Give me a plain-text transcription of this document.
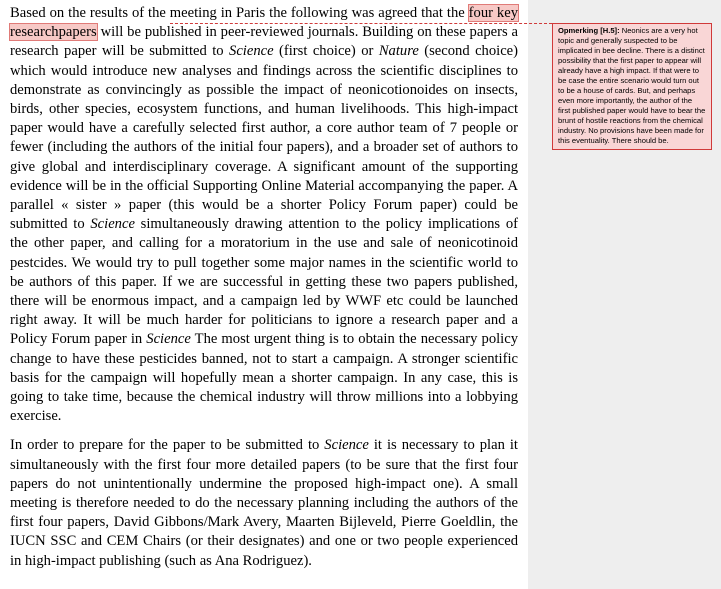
Based on the results of the meeting in Paris the following was agreed that the four key researchpapers will be published in peer-reviewed journals. Building on these papers a research paper will be submitted to Science (first choice) or Nature (second choice) which would introduce new analyses and findings across the scientific disciplines to demonstrate as convincingly as possible the impact of neonicotionoides on insects, birds, other species, ecosystem functions, and human livelihoods. This high-impact paper would have a carefully selected first author, a core author team of 7 people or fewer (including the authors of the initial four papers), and a broader set of authors to give global and interdisciplinary coverage. A significant amount of the supporting evidence will be in the official Supporting Online Material accompanying the paper. A parallel « sister » paper (this would be a shorter Policy Forum paper) could be submitted to Science simultaneously drawing attention to the policy implications of the other paper, and calling for a moratorium in the use and sale of neonicotinoid pestcides. We would try to pull together some major names in the scientific world to be authors of this paper. If we are successful in getting these two papers published, there will be enormous impact, and a campaign led by WWF etc could be launched right away. It will be much harder for politicians to ignore a research paper and a Policy Forum paper in Science The most urgent thing is to obtain the necessary policy change to have these pesticides banned, not to start a campaign. A stronger scientific basis for the campaign will hopefully mean a shorter campaign. In any case, this is going to take time, because the chemical industry will throw millions into a lobbying exercise.

In order to prepare for the paper to be submitted to Science it is necessary to plan it simultaneously with the first four more detailed papers (to be sure that the first four papers do not unintentionally undermine the proposed high-impact one). A small meeting is therefore needed to do the necessary planning including the authors of the first four papers, David Gibbons/Mark Avery, Maarten Bijleveld, Pierre Goeldlin, the IUCN SSC and CEM Chairs (or their designates) and one or two people experienced in high-impact publishing (such as Ana Rodriguez).

Opmerking [H.5]: Neonics are a very hot topic and generally suspected to be implicated in bee decline. There is a distinct possibility that the first paper to appear will already have a high impact. If that were to be case the entire scenario would turn out to be a house of cards. But, and perhaps even more importantly, the author of the first published paper would have to bear the brunt of hostile reactions from the chemical industry. No provisions have been made for this eventuality. There should be.
